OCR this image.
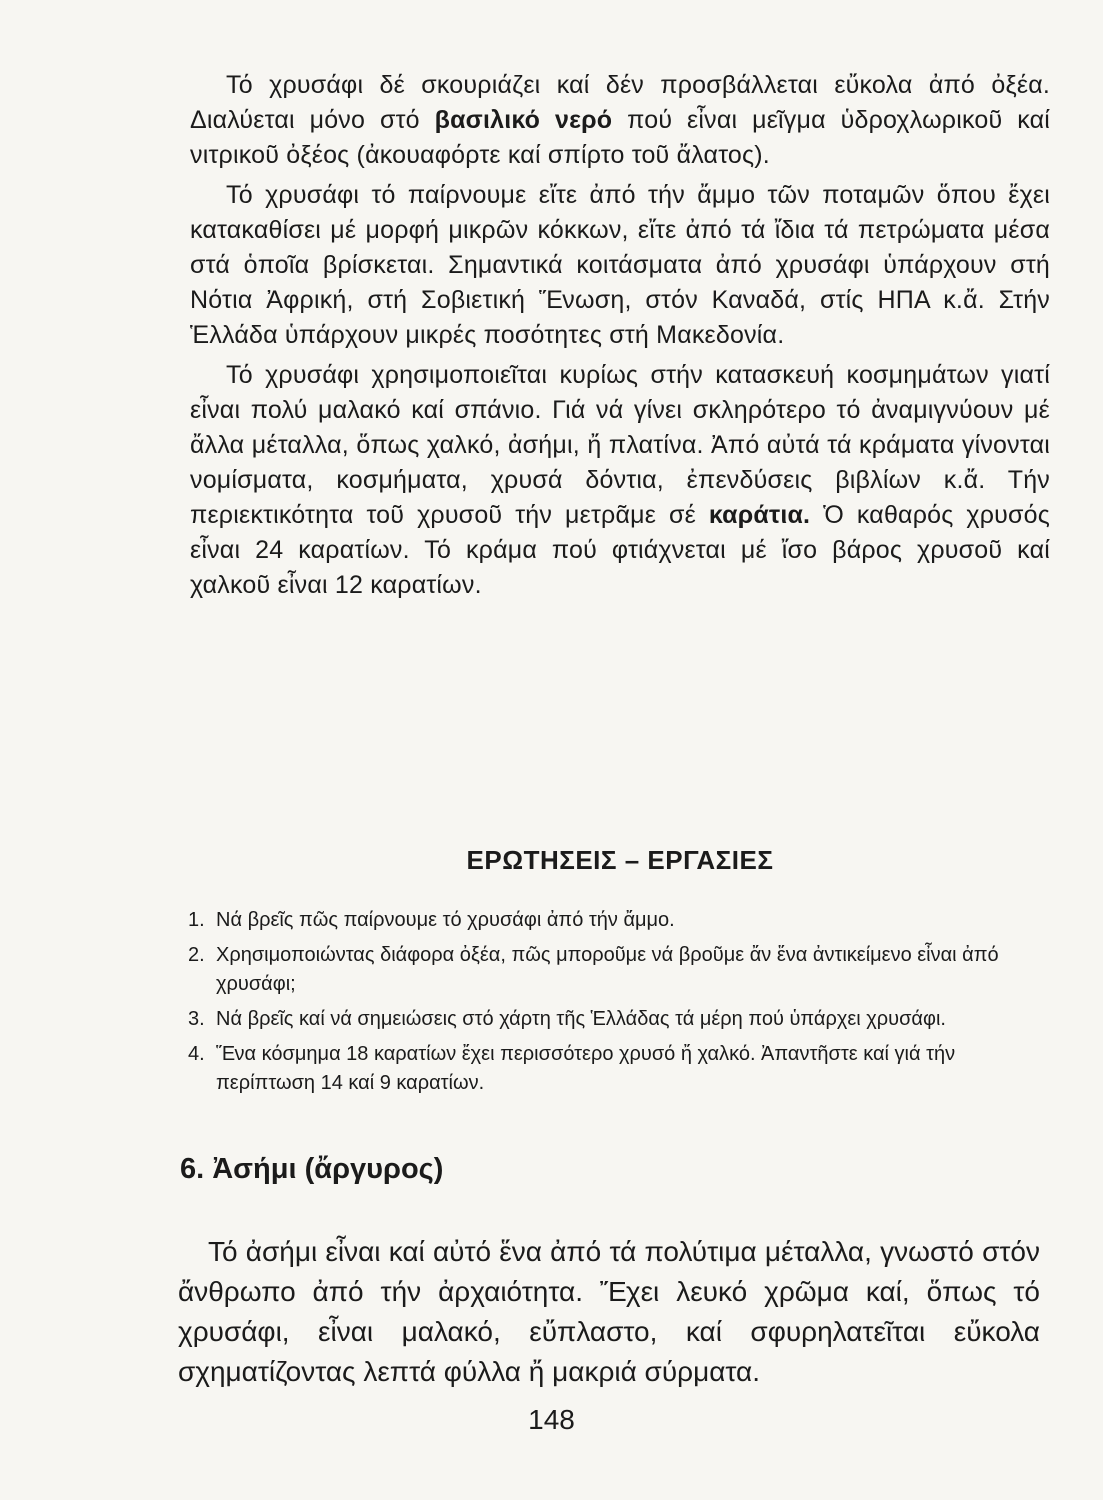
Τό χρυσάφι δέ σκουριάζει καί δέν προσβάλλεται εὔκολα ἀπό ὀξέα. Διαλύεται μόνο στό βασιλικό νερό πού εἶναι μεῖγμα ὑδροχλωρικοῦ καί νιτρικοῦ ὀξέος (ἀκουαφόρτε καί σπίρτο τοῦ ἄλατος).

Τό χρυσάφι τό παίρνουμε εἴτε ἀπό τήν ἄμμο τῶν ποταμῶν ὅπου ἔχει κατακαθίσει μέ μορφή μικρῶν κόκκων, εἴτε ἀπό τά ἴδια τά πετρώματα μέσα στά ὁποῖα βρίσκεται. Σημαντικά κοιτάσματα ἀπό χρυσάφι ὑπάρχουν στή Νότια Ἀφρική, στή Σοβιετική Ἕνωση, στόν Καναδά, στίς ΗΠΑ κ.ἄ. Στήν Ἑλλάδα ὑπάρχουν μικρές ποσότητες στή Μακεδονία.

Τό χρυσάφι χρησιμοποιεῖται κυρίως στήν κατασκευή κοσμημάτων γιατί εἶναι πολύ μαλακό καί σπάνιο. Γιά νά γίνει σκληρότερο τό ἀναμιγνύουν μέ ἄλλα μέταλλα, ὅπως χαλκό, ἀσήμι, ἤ πλατίνα. Ἀπό αὐτά τά κράματα γίνονται νομίσματα, κοσμήματα, χρυσά δόντια, ἐπενδύσεις βιβλίων κ.ἄ. Τήν περιεκτικότητα τοῦ χρυσοῦ τήν μετρᾶμε σέ καράτια. Ὁ καθαρός χρυσός εἶναι 24 καρατίων. Τό κράμα πού φτιάχνεται μέ ἴσο βάρος χρυσοῦ καί χαλκοῦ εἶναι 12 καρατίων.

ΕΡΩΤΗΣΕΙΣ – ΕΡΓΑΣΙΕΣ
1. Νά βρεῖς πῶς παίρνουμε τό χρυσάφι ἀπό τήν ἄμμο.
2. Χρησιμοποιώντας διάφορα ὀξέα, πῶς μποροῦμε νά βροῦμε ἄν ἕνα ἀντικείμενο εἶναι ἀπό χρυσάφι;
3. Νά βρεῖς καί νά σημειώσεις στό χάρτη τῆς Ἑλλάδας τά μέρη πού ὑπάρχει χρυσάφι.
4. Ἕνα κόσμημα 18 καρατίων ἔχει περισσότερο χρυσό ἤ χαλκό. Ἀπαντῆστε καί γιά τήν περίπτωση 14 καί 9 καρατίων.
6. Ἀσήμι (ἄργυρος)

Τό ἀσήμι εἶναι καί αὐτό ἕνα ἀπό τά πολύτιμα μέταλλα, γνωστό στόν ἄνθρωπο ἀπό τήν ἀρχαιότητα. Ἔχει λευκό χρῶμα καί, ὅπως τό χρυσάφι, εἶναι μαλακό, εὔπλαστο, καί σφυρηλατεῖται εὔκολα σχηματίζοντας λεπτά φύλλα ἤ μακριά σύρματα.

148
